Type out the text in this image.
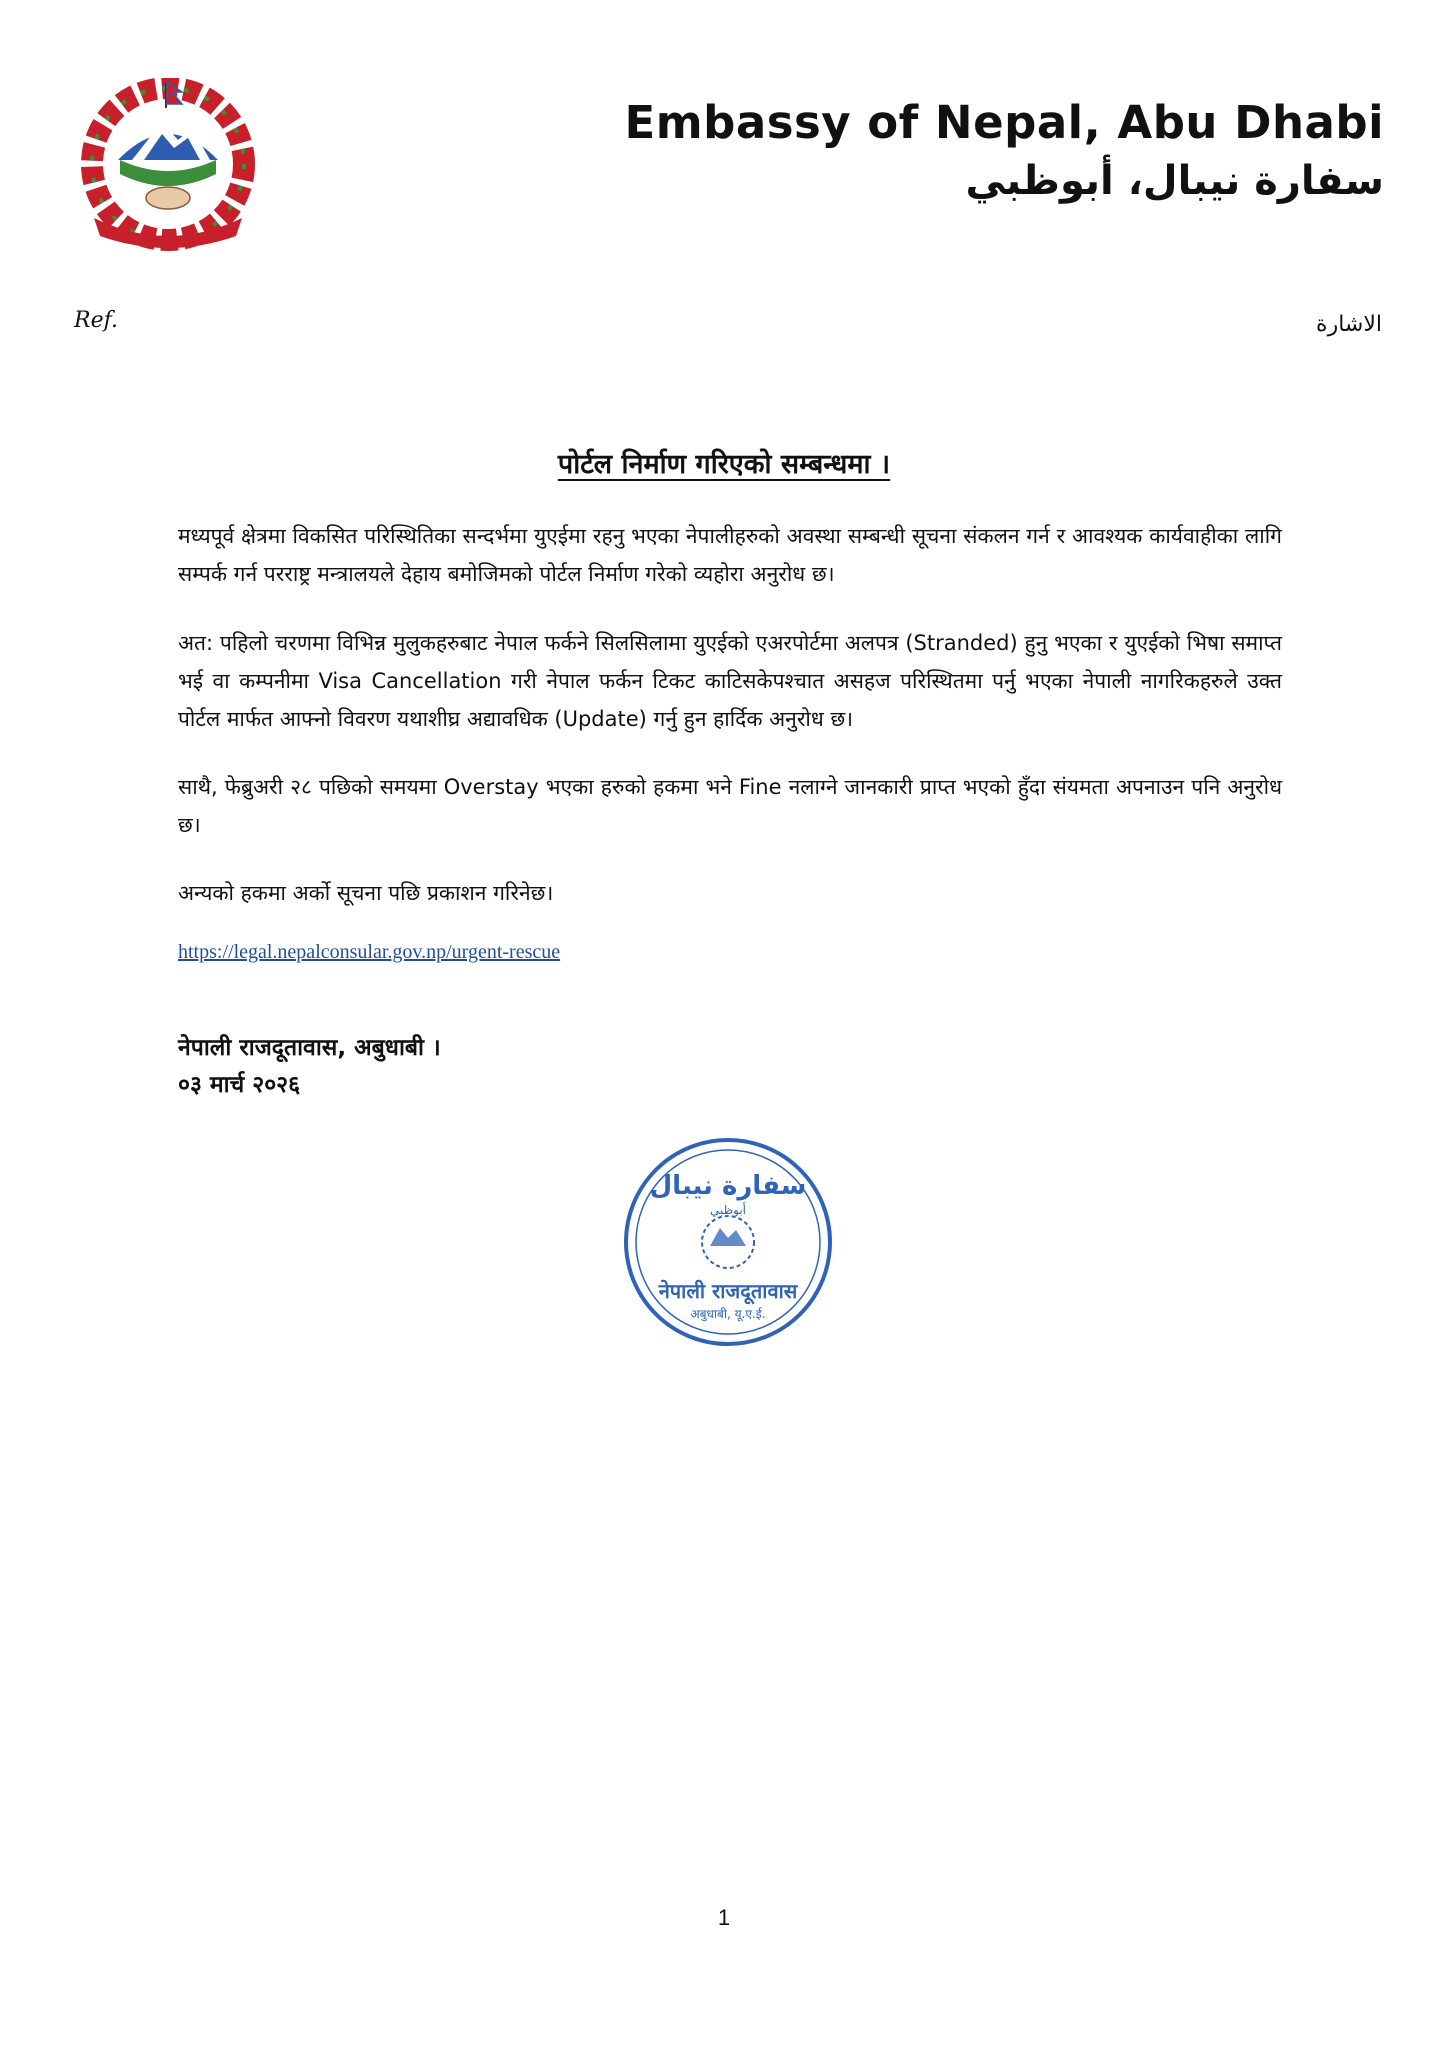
Embassy of Nepal, Abu Dhabi
سفارة نيبال، أبوظبي
Ref.	الاشارة
पोर्टल निर्माण गरिएको सम्बन्धमा ।
मध्यपूर्व क्षेत्रमा विकसित परिस्थितिका सन्दर्भमा युएईमा रहनु भएका नेपालीहरुको अवस्था सम्बन्धी सूचना संकलन गर्न र आवश्यक कार्यवाहीका लागि सम्पर्क गर्न परराष्ट्र मन्त्रालयले देहाय बमोजिमको पोर्टल निर्माण गरेको व्यहोरा अनुरोध छ।
अत: पहिलो चरणमा विभिन्न मुलुकहरुबाट नेपाल फर्कने सिलसिलामा युएईको एअरपोर्टमा अलपत्र (Stranded) हुनु भएका र युएईको भिषा समाप्त भई वा कम्पनीमा Visa Cancellation गरी नेपाल फर्कन टिकट काटिसकेपश्चात असहज परिस्थितमा पर्नु भएका नेपाली नागरिकहरुले उक्त पोर्टल मार्फत आफ्नो विवरण यथाशीघ्र अद्यावधिक (Update) गर्नु हुन हार्दिक अनुरोध छ।
साथै, फेब्रुअरी २८ पछिको समयमा Overstay भएका हरुको हकमा भने Fine नलाग्ने जानकारी प्राप्त भएको हुँदा संयमता अपनाउन पनि अनुरोध छ।
अन्यको हकमा अर्को सूचना पछि प्रकाशन गरिनेछ।
https://legal.nepalconsular.gov.np/urgent-rescue
नेपाली राजदूतावास, अबुधाबी ।
०३ मार्च २०२६
سفارة نيبال
أبوظبي
नेपाली राजदूतावास
अबुधाबी, यू.ए.ई.
1
